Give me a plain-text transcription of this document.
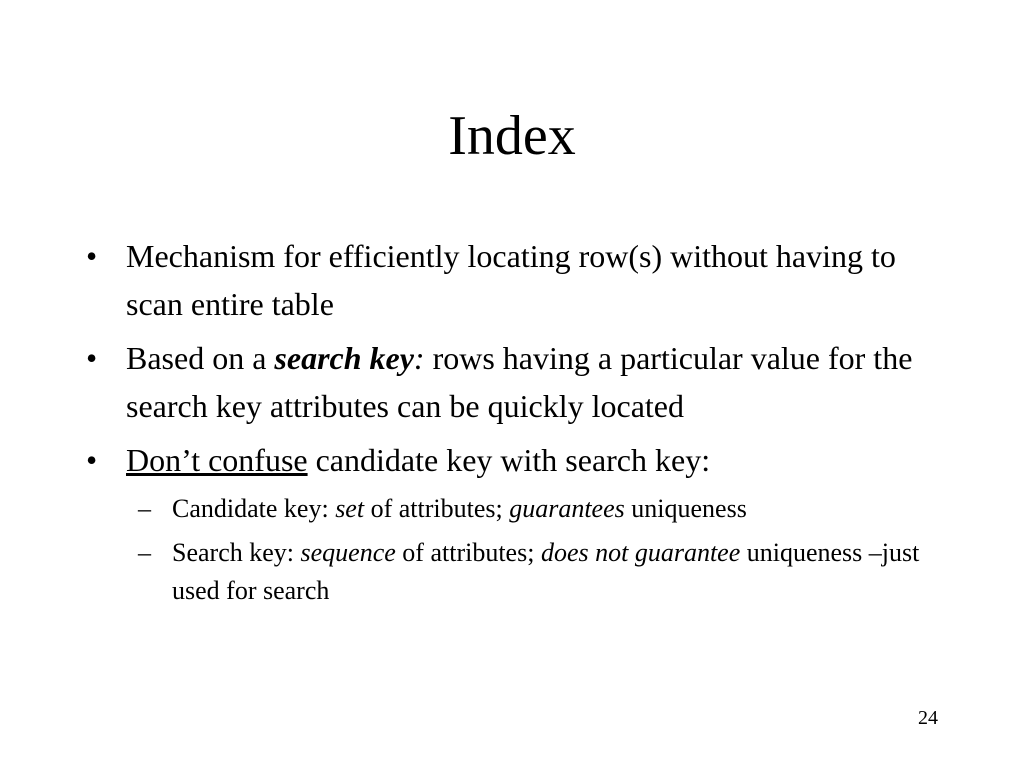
Index
• Mechanism for efficiently locating row(s) without having to scan entire table
• Based on a search key: rows having a particular value for the search key attributes can be quickly located
• Don’t confuse candidate key with search key:
– Candidate key: set of attributes; guarantees uniqueness
– Search key: sequence of attributes; does not guarantee uniqueness –just used for search
24
